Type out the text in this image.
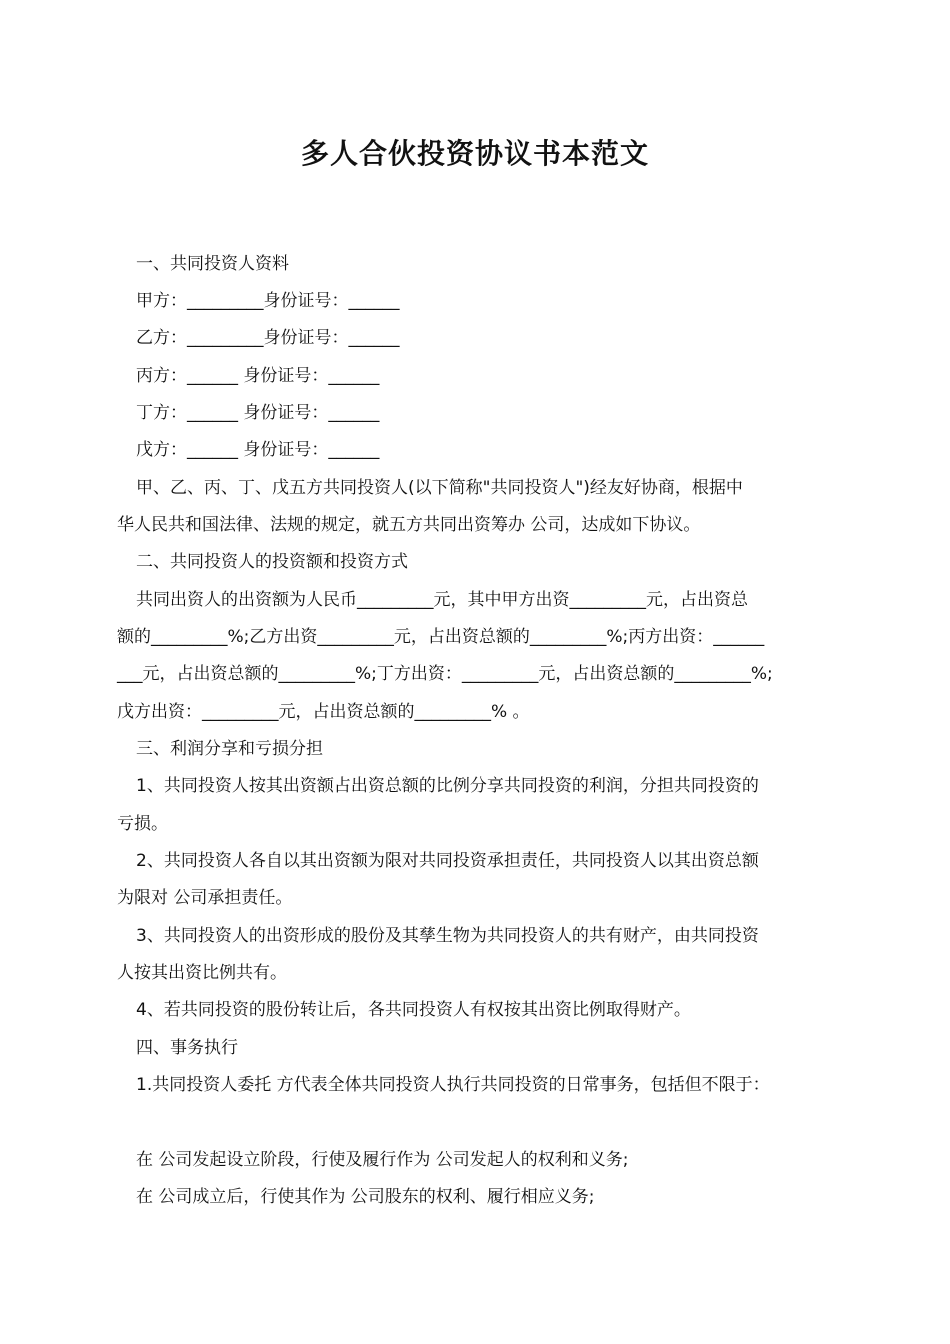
多人合伙投资协议书本范文
一、共同投资人资料
甲方：_________身份证号：______
乙方：_________身份证号：______
丙方：______ 身份证号：______
丁方：______ 身份证号：______
戊方：______ 身份证号：______
甲、乙、丙、丁、戊五方共同投资人(以下简称"共同投资人")经友好协商，根据中
华人民共和国法律、法规的规定，就五方共同出资筹办 公司，达成如下协议。
二、共同投资人的投资额和投资方式
共同出资人的出资额为人民币_________元，其中甲方出资_________元，占出资总
额的_________%;乙方出资_________元，占出资总额的_________%;丙方出资：______
___元，占出资总额的_________%;丁方出资：_________元，占出资总额的_________%;
戊方出资：_________元，占出资总额的_________% 。
三、利润分享和亏损分担
1、共同投资人按其出资额占出资总额的比例分享共同投资的利润，分担共同投资的
亏损。
2、共同投资人各自以其出资额为限对共同投资承担责任，共同投资人以其出资总额
为限对 公司承担责任。
3、共同投资人的出资形成的股份及其孳生物为共同投资人的共有财产，由共同投资
人按其出资比例共有。
4、若共同投资的股份转让后，各共同投资人有权按其出资比例取得财产。
四、事务执行
1.共同投资人委托 方代表全体共同投资人执行共同投资的日常事务，包括但不限于：
在 公司发起设立阶段，行使及履行作为 公司发起人的权利和义务;
在 公司成立后，行使其作为 公司股东的权利、履行相应义务;
